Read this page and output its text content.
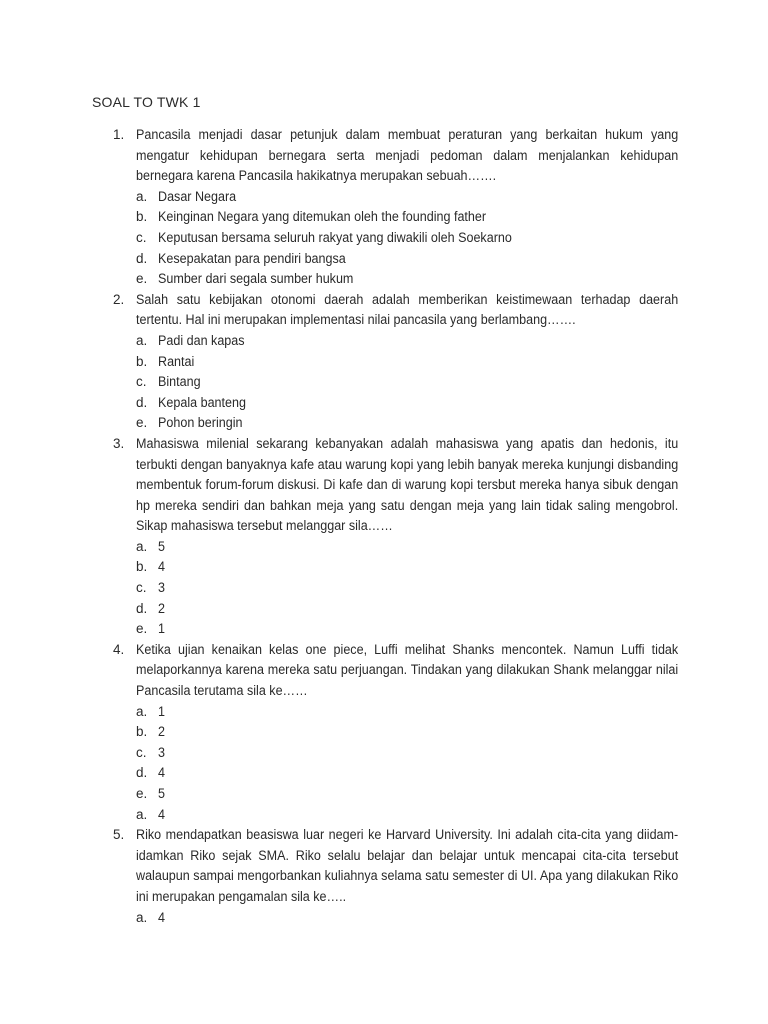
SOAL TO TWK 1
1. Pancasila menjadi dasar petunjuk dalam membuat peraturan yang berkaitan hukum yang mengatur kehidupan bernegara serta menjadi pedoman dalam menjalankan kehidupan bernegara karena Pancasila hakikatnya merupakan sebuah…….
a. Dasar Negara
b. Keinginan Negara yang ditemukan oleh the founding father
c. Keputusan bersama seluruh rakyat yang diwakili oleh Soekarno
d. Kesepakatan para pendiri bangsa
e. Sumber dari segala sumber hukum
2. Salah satu kebijakan otonomi daerah adalah memberikan keistimewaan terhadap daerah tertentu. Hal ini merupakan implementasi nilai pancasila yang berlambang…….
a. Padi dan kapas
b. Rantai
c. Bintang
d. Kepala banteng
e. Pohon beringin
3. Mahasiswa milenial sekarang kebanyakan adalah mahasiswa yang apatis dan hedonis, itu terbukti dengan banyaknya kafe atau warung kopi yang lebih banyak mereka kunjungi disbanding membentuk forum-forum diskusi. Di kafe dan di warung kopi tersbut mereka hanya sibuk dengan hp mereka sendiri dan bahkan meja yang satu dengan meja yang lain tidak saling mengobrol. Sikap mahasiswa tersebut melanggar sila……
a. 5
b. 4
c. 3
d. 2
e. 1
4. Ketika ujian kenaikan kelas one piece, Luffi melihat Shanks mencontek. Namun Luffi tidak melaporkannya karena mereka satu perjuangan. Tindakan yang dilakukan Shank melanggar nilai Pancasila terutama sila ke……
a. 1
b. 2
c. 3
d. 4
e. 5
a. 4
5. Riko mendapatkan beasiswa luar negeri ke Harvard University. Ini adalah cita-cita yang diidam-idamkan Riko sejak SMA. Riko selalu belajar dan belajar untuk mencapai cita-cita tersebut walaupun sampai mengorbankan kuliahnya selama satu semester di UI. Apa yang dilakukan Riko ini merupakan pengamalan sila ke…..
a. 4
